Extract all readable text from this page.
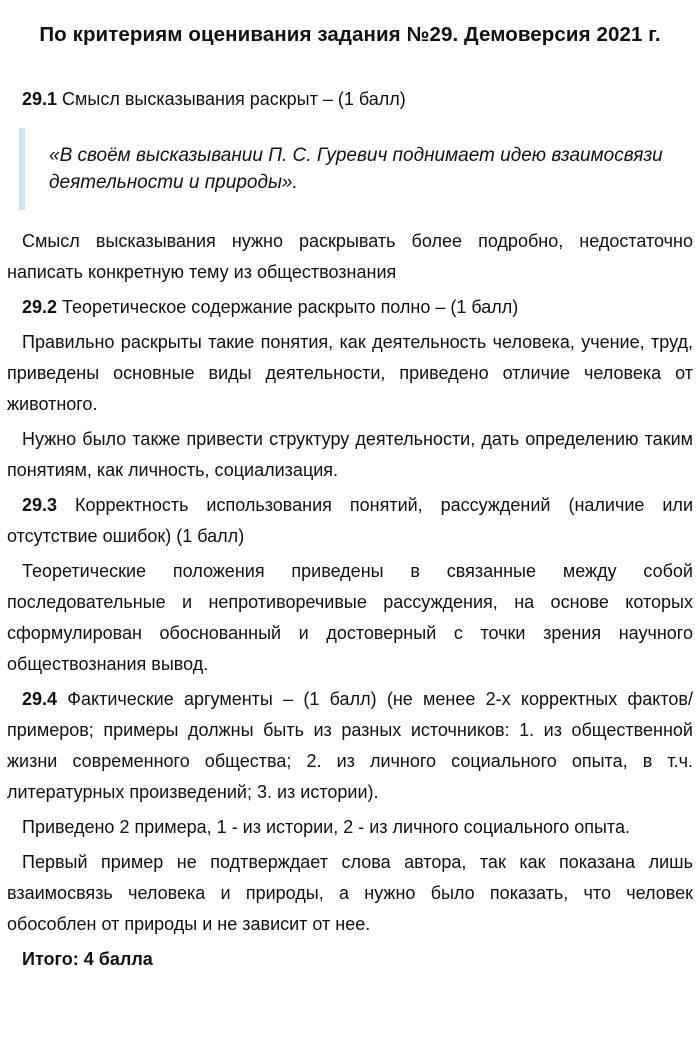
По критериям оценивания задания №29. Демоверсия 2021 г.

29.1 Смысл высказывания раскрыт – (1 балл)

«В своём высказывании П. С. Гуревич поднимает идею взаимосвязи деятельности и природы».

Смысл высказывания нужно раскрывать более подробно, недостаточно написать конкретную тему из обществознания

29.2 Теоретическое содержание раскрыто полно – (1 балл)

Правильно раскрыты такие понятия, как деятельность человека, учение, труд, приведены основные виды деятельности, приведено отличие человека от животного.

Нужно было также привести структуру деятельности, дать определению таким понятиям, как личность, социализация.

29.3 Корректность использования понятий, рассуждений (наличие или отсутствие ошибок) (1 балл)

Теоретические положения приведены в связанные между собой последовательные и непротиворечивые рассуждения, на основе которых сформулирован обоснованный и достоверный с точки зрения научного обществознания вывод.

29.4 Фактические аргументы – (1 балл) (не менее 2-х корректных фактов/примеров; примеры должны быть из разных источников: 1. из общественной жизни современного общества; 2. из личного социального опыта, в т.ч. литературных произведений; 3. из истории).

Приведено 2 примера, 1 - из истории, 2 - из личного социального опыта.

Первый пример не подтверждает слова автора, так как показана лишь взаимосвязь человека и природы, а нужно было показать, что человек обособлен от природы и не зависит от нее.

Итого: 4 балла
